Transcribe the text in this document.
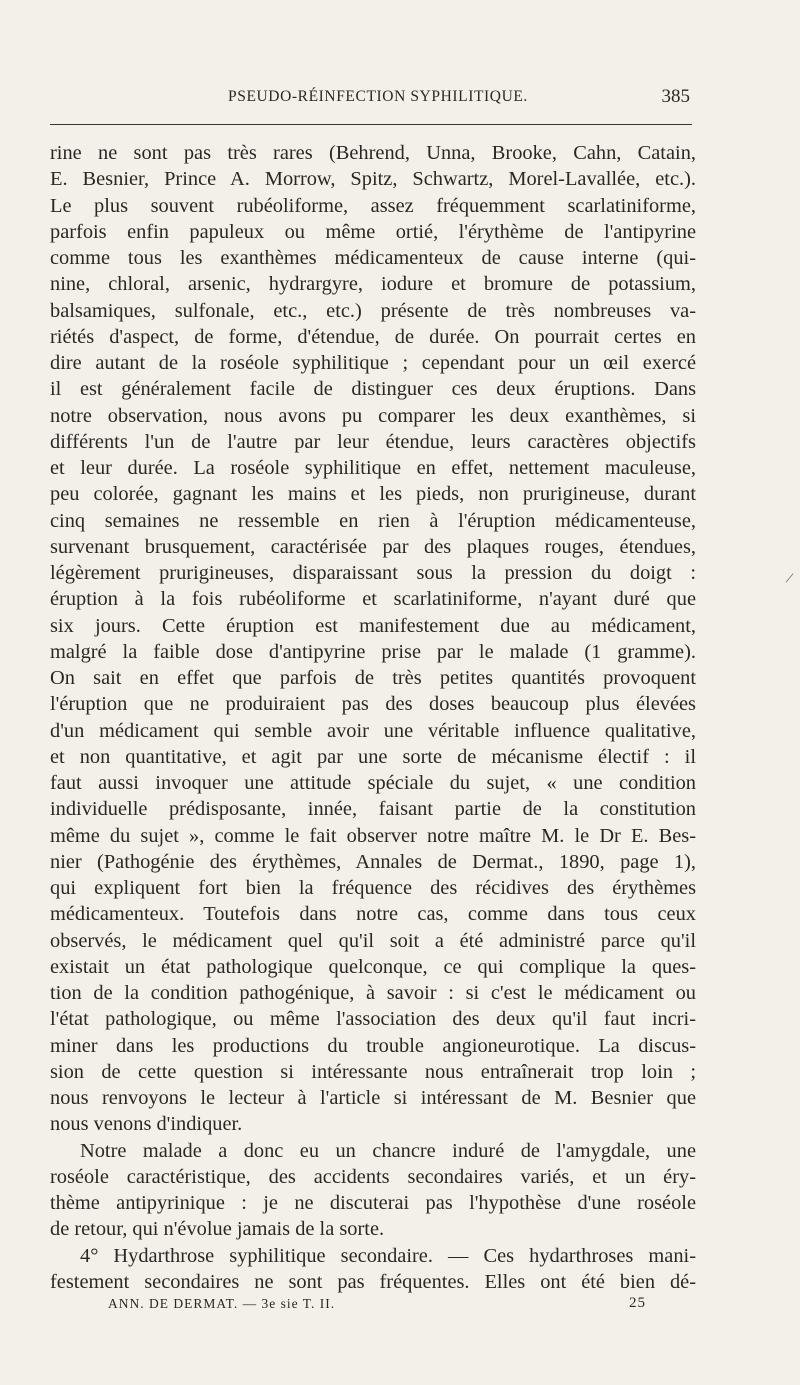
PSEUDO-RÉINFECTION SYPHILITIQUE.	385
rine ne sont pas très rares (Behrend, Unna, Brooke, Cahn, Catain,
E. Besnier, Prince A. Morrow, Spitz, Schwartz, Morel-Lavallée, etc.).
Le plus souvent rubéoliforme, assez fréquemment scarlatiniforme,
parfois enfin papuleux ou même ortié, l'érythème de l'antipyrine
comme tous les exanthèmes médicamenteux de cause interne (qui-
nine, chloral, arsenic, hydrargyre, iodure et bromure de potassium,
balsamiques, sulfonale, etc., etc.) présente de très nombreuses va-
riétés d'aspect, de forme, d'étendue, de durée. On pourrait certes en
dire autant de la roséole syphilitique ; cependant pour un œil exercé
il est généralement facile de distinguer ces deux éruptions. Dans
notre observation, nous avons pu comparer les deux exanthèmes, si
différents l'un de l'autre par leur étendue, leurs caractères objectifs
et leur durée. La roséole syphilitique en effet, nettement maculeuse,
peu colorée, gagnant les mains et les pieds, non prurigineuse, durant
cinq semaines ne ressemble en rien à l'éruption médicamenteuse,
survenant brusquement, caractérisée par des plaques rouges, étendues,
légèrement prurigineuses, disparaissant sous la pression du doigt :
éruption à la fois rubéoliforme et scarlatiniforme, n'ayant duré que
six jours. Cette éruption est manifestement due au médicament,
malgré la faible dose d'antipyrine prise par le malade (1 gramme).
On sait en effet que parfois de très petites quantités provoquent
l'éruption que ne produiraient pas des doses beaucoup plus élevées
d'un médicament qui semble avoir une véritable influence qualitative,
et non quantitative, et agit par une sorte de mécanisme électif : il
faut aussi invoquer une attitude spéciale du sujet, « une condition
individuelle prédisposante, innée, faisant partie de la constitution
même du sujet », comme le fait observer notre maître M. le Dr E. Bes-
nier (Pathogénie des érythèmes, Annales de Dermat., 1890, page 1),
qui expliquent fort bien la fréquence des récidives des érythèmes
médicamenteux. Toutefois dans notre cas, comme dans tous ceux
observés, le médicament quel qu'il soit a été administré parce qu'il
existait un état pathologique quelconque, ce qui complique la ques-
tion de la condition pathogénique, à savoir : si c'est le médicament ou
l'état pathologique, ou même l'association des deux qu'il faut incri-
miner dans les productions du trouble angioneurotique. La discus-
sion de cette question si intéressante nous entraînerait trop loin ;
nous renvoyons le lecteur à l'article si intéressant de M. Besnier que
nous venons d'indiquer.
Notre malade a donc eu un chancre induré de l'amygdale, une
roséole caractéristique, des accidents secondaires variés, et un éry-
thème antipyrinique : je ne discuterai pas l'hypothèse d'une roséole
de retour, qui n'évolue jamais de la sorte.
4° Hydarthrose syphilitique secondaire. — Ces hydarthroses mani-
festement secondaires ne sont pas fréquentes. Elles ont été bien dé-
ANN. DE DERMAT. — 3e sie T. II.	25
/
